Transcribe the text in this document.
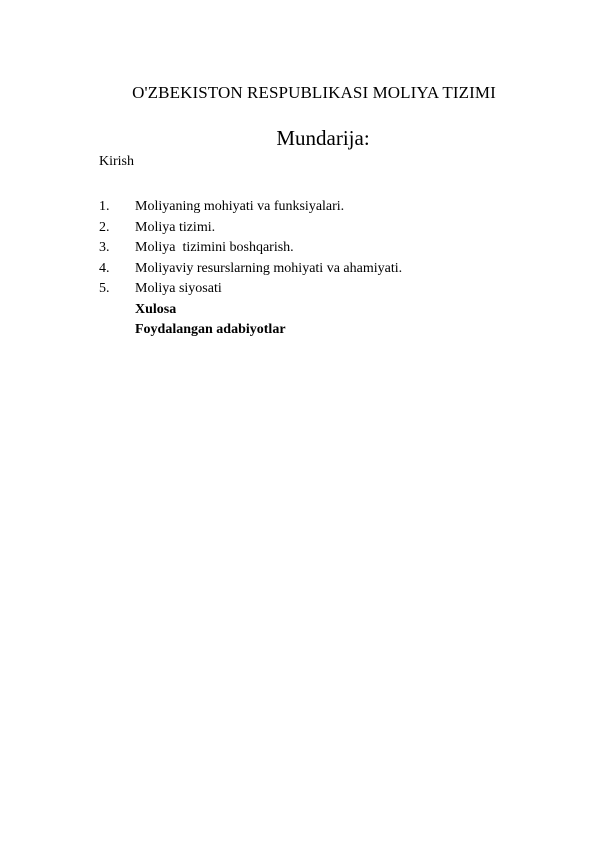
O'ZBEKISTON RESPUBLIKASI MOLIYA TIZIMI
Mundarija:
Kirish
1.	Moliyaning mohiyati va funksiyalari.
2.	Moliya tizimi.
3.	Moliya  tizimini boshqarish.
4.	Moliyaviy resurslarning mohiyati va ahamiyati.
5.	Moliya siyosati
Xulosa
Foydalangan adabiyotlar
